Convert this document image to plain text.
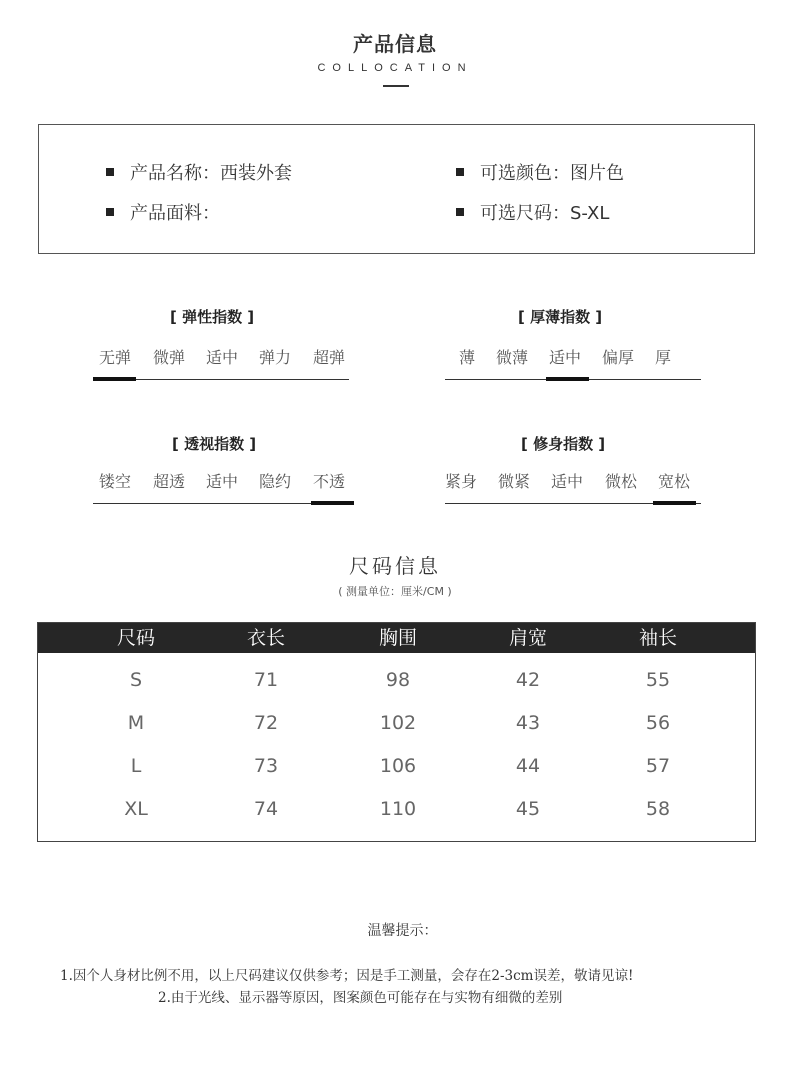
产品信息
COLLOCATION
产品名称：西装外套
产品面料：
可选颜色：图片色
可选尺码：S-XL
[ 弹性指数 ]
无弹	微弹	适中	弹力	超弹
[ 厚薄指数 ]
薄	微薄	适中	偏厚	厚
[ 透视指数 ]
镂空	超透	适中	隐约	不透
[ 修身指数 ]
紧身	微紧	适中	微松	宽松
尺码信息
( 测量单位：厘米/CM )
尺码	衣长	胸围	肩宽	袖长
S	71	98	42	55
M	72	102	43	56
L	73	106	44	57
XL	74	110	45	58
温馨提示：
1.因个人身材比例不用，以上尺码建议仅供参考；因是手工测量，会存在2-3cm误差，敬请见谅!
2.由于光线、显示器等原因，图案颜色可能存在与实物有细微的差别
